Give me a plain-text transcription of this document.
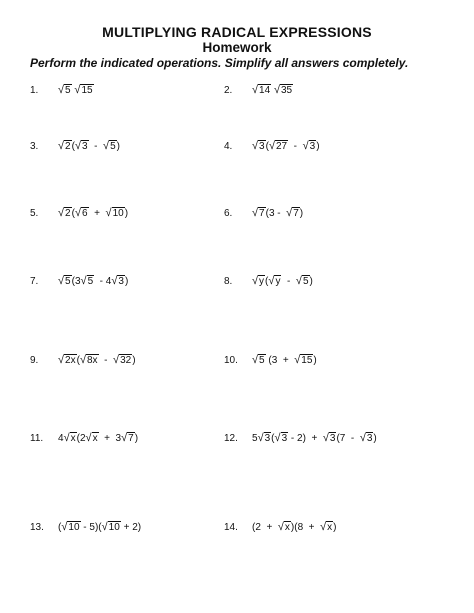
MULTIPLYING RADICAL EXPRESSIONS
Homework
Perform the indicated operations. Simplify all answers completely.
1. √5 √15	2. √14 √35
3. √2(√3  -  √5)	4. √3(√27  -  √3)
5. √2(√6  +  √10)	6. √7(3 -  √7)
7. √5(3√5  - 4√3)	8. √y(√y  -  √5)
9. √2x(√8x  -  √32)	10. √5 (3  +  √15)
11. 4√x(2√x  +  3√7)	12. 5√3(√3 - 2)  +  √3(7  -  √3)
13. (√10 - 5)(√10 + 2)	14. (2  +  √x)(8  +  √x)
